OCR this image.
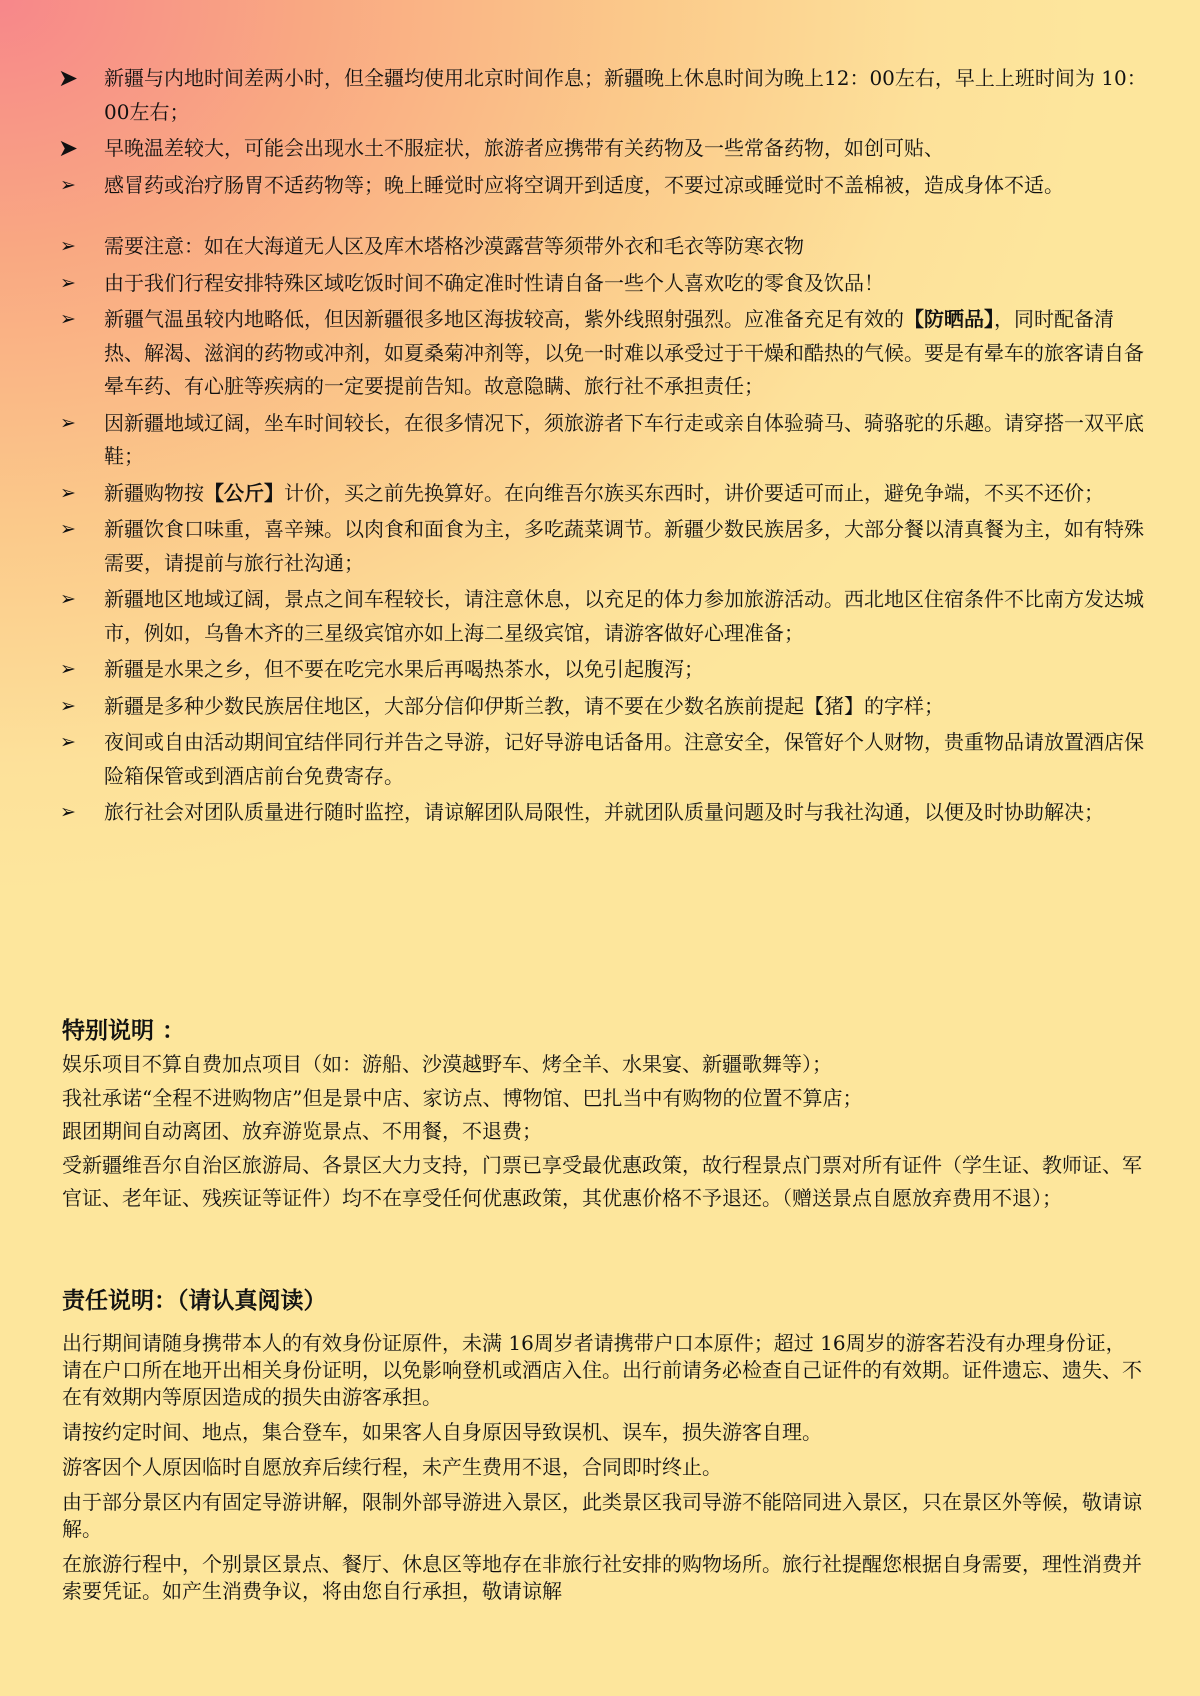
➤ 新疆与内地时间差两小时，但全疆均使用北京时间作息；新疆晚上休息时间为晚上12：00左右，早上上班时间为 10：00左右；
➤ 早晚温差较大，可能会出现水土不服症状，旅游者应携带有关药物及一些常备药物，如创可贴、
➢ 感冒药或治疗肠胃不适药物等；晚上睡觉时应将空调开到适度，不要过凉或睡觉时不盖棉被，造成身体不适。
➢ 需要注意：如在大海道无人区及库木塔格沙漠露营等须带外衣和毛衣等防寒衣物
➢ 由于我们行程安排特殊区域吃饭时间不确定准时性请自备一些个人喜欢吃的零食及饮品！
➢ 新疆气温虽较内地略低，但因新疆很多地区海拔较高，紫外线照射强烈。应准备充足有效的【防晒品】，同时配备清热、解渴、滋润的药物或冲剂，如夏桑菊冲剂等，以免一时难以承受过于干燥和酷热的气候。要是有晕车的旅客请自备晕车药、有心脏等疾病的一定要提前告知。故意隐瞒、旅行社不承担责任；
➢ 因新疆地域辽阔，坐车时间较长，在很多情况下，须旅游者下车行走或亲自体验骑马、骑骆驼的乐趣。请穿搭一双平底鞋；
➢ 新疆购物按【公斤】计价，买之前先换算好。在向维吾尔族买东西时，讲价要适可而止，避免争端，不买不还价；
➢ 新疆饮食口味重，喜辛辣。以肉食和面食为主，多吃蔬菜调节。新疆少数民族居多，大部分餐以清真餐为主，如有特殊需要，请提前与旅行社沟通；
➢ 新疆地区地域辽阔，景点之间车程较长，请注意休息，以充足的体力参加旅游活动。西北地区住宿条件不比南方发达城市，例如，乌鲁木齐的三星级宾馆亦如上海二星级宾馆，请游客做好心理准备；
➢ 新疆是水果之乡，但不要在吃完水果后再喝热茶水，以免引起腹泻；
➢ 新疆是多种少数民族居住地区，大部分信仰伊斯兰教，请不要在少数名族前提起【猪】的字样；
➢ 夜间或自由活动期间宜结伴同行并告之导游，记好导游电话备用。注意安全，保管好个人财物，贵重物品请放置酒店保险箱保管或到酒店前台免费寄存。
➢ 旅行社会对团队质量进行随时监控，请谅解团队局限性，并就团队质量问题及时与我社沟通，以便及时协助解决；
特别说明 ：

娱乐项目不算自费加点项目（如：游船、沙漠越野车、烤全羊、水果宴、新疆歌舞等）；

我社承诺“全程不进购物店”但是景中店、家访点、博物馆、巴扎当中有购物的位置不算店；

跟团期间自动离团、放弃游览景点、不用餐，不退费；

受新疆维吾尔自治区旅游局、各景区大力支持，门票已享受最优惠政策，故行程景点门票对所有证件（学生证、教师证、军官证、老年证、残疾证等证件）均不在享受任何优惠政策，其优惠价格不予退还。（赠送景点自愿放弃费用不退）；

责任说明：（请认真阅读）

出行期间请随身携带本人的有效身份证原件，未满 16周岁者请携带户口本原件；超过 16周岁的游客若没有办理身份证，请在户口所在地开出相关身份证明，以免影响登机或酒店入住。出行前请务必检查自己证件的有效期。证件遗忘、遗失、不在有效期内等原因造成的损失由游客承担。

请按约定时间、地点，集合登车，如果客人自身原因导致误机、误车，损失游客自理。

游客因个人原因临时自愿放弃后续行程，未产生费用不退，合同即时终止。

由于部分景区内有固定导游讲解，限制外部导游进入景区，此类景区我司导游不能陪同进入景区，只在景区外等候，敬请谅解。

在旅游行程中，个别景区景点、餐厅、休息区等地存在非旅行社安排的购物场所。旅行社提醒您根据自身需要，理性消费并索要凭证。如产生消费争议，将由您自行承担，敬请谅解
